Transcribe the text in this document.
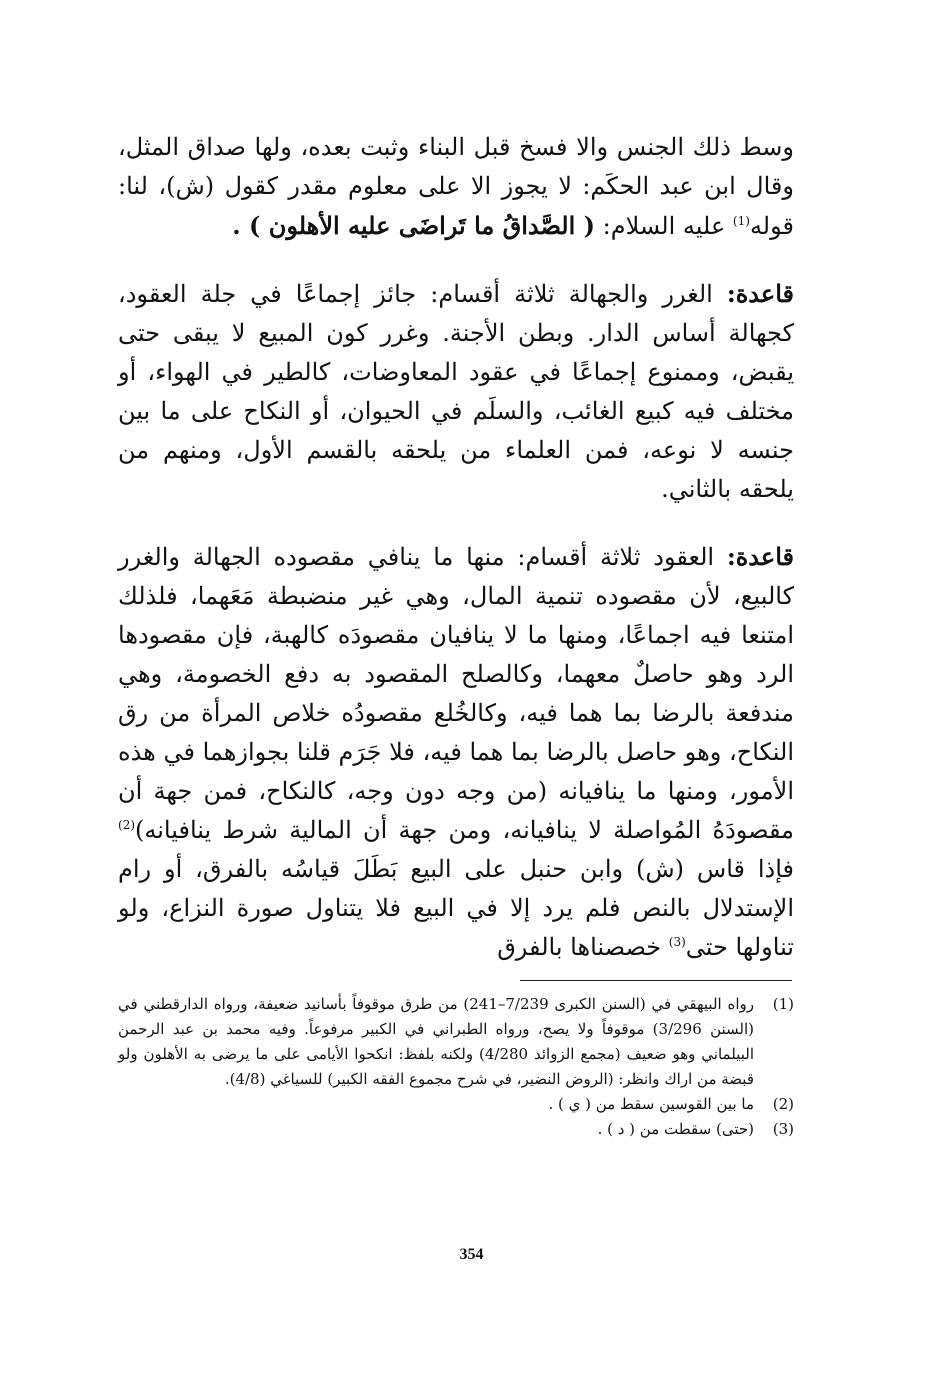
وسط ذلك الجنس والا فسخ قبل البناء وثبت بعده، ولها صداق المثل، وقال ابن عبد الحكَم: لا يجوز الا على معلوم مقدر كقول (ش)، لنا: قوله$^{(1)}$ عليه السلام: ( الصَّداقُ ما تَراضَى عليه الأهلون ) .

قاعدة: الغرر والجهالة ثلاثة أقسام: جائز إجماعًا في جلة العقود، كجهالة أساس الدار. وبطن الأجنة. وغرر كون المبيع لا يبقى حتى يقبض، وممنوع إجماعًا في عقود المعاوضات، كالطير في الهواء، أو مختلف فيه كبيع الغائب، والسلَم في الحيوان، أو النكاح على ما بين جنسه لا نوعه، فمن العلماء من يلحقه بالقسم الأول، ومنهم من يلحقه بالثاني.

قاعدة: العقود ثلاثة أقسام: منها ما ينافي مقصوده الجهالة والغرر كالبيع، لأن مقصوده تنمية المال، وهي غير منضبطة مَعَهما، فلذلك امتنعا فيه اجماعًا، ومنها ما لا ينافيان مقصودَه كالهبة، فإن مقصودها الرد وهو حاصلٌ معهما، وكالصلح المقصود به دفع الخصومة، وهي مندفعة بالرضا بما هما فيه، وكالخُلع مقصودُه خلاص المرأة من رق النكاح، وهو حاصل بالرضا بما هما فيه، فلا جَرَم قلنا بجوازهما في هذه الأمور، ومنها ما ينافيانه (من وجه دون وجه، كالنكاح، فمن جهة أن مقصودَهُ المُواصلة لا ينافيانه، ومن جهة أن المالية شرط ينافيانه)$^{(2)}$ فإذا قاس (ش) وابن حنبل على البيع بَطَلَ قياسُه بالفرق، أو رام الإستدلال بالنص فلم يرد إلا في البيع فلا يتناول صورة النزاع، ولو تناولها حتى$^{(3)}$ خصصناها بالفرق

(1)
رواه البيهقي في (السنن الكبرى 7/239–241) من طرق موقوفاً بأسانيد ضعيفة، ورواه الدارقطني في (السنن 3/296) موقوفاً ولا يصح، ورواه الطبراني في الكبير مرفوعاً. وفيه محمد بن عبد الرحمن البيلماني وهو ضعيف (مجمع الزوائد 4/280) ولكنه بلفظ: انكحوا الأيامى على ما يرضى به الأهلون ولو قبضة من اراك وانظر: (الروض النضير، في شرح مجموع الفقه الكبير) للسياغي (4/8).
(2)
ما بين القوسين سقط من ( ي ) .
(3)
(حتى) سقطت من ( د ) .
354
